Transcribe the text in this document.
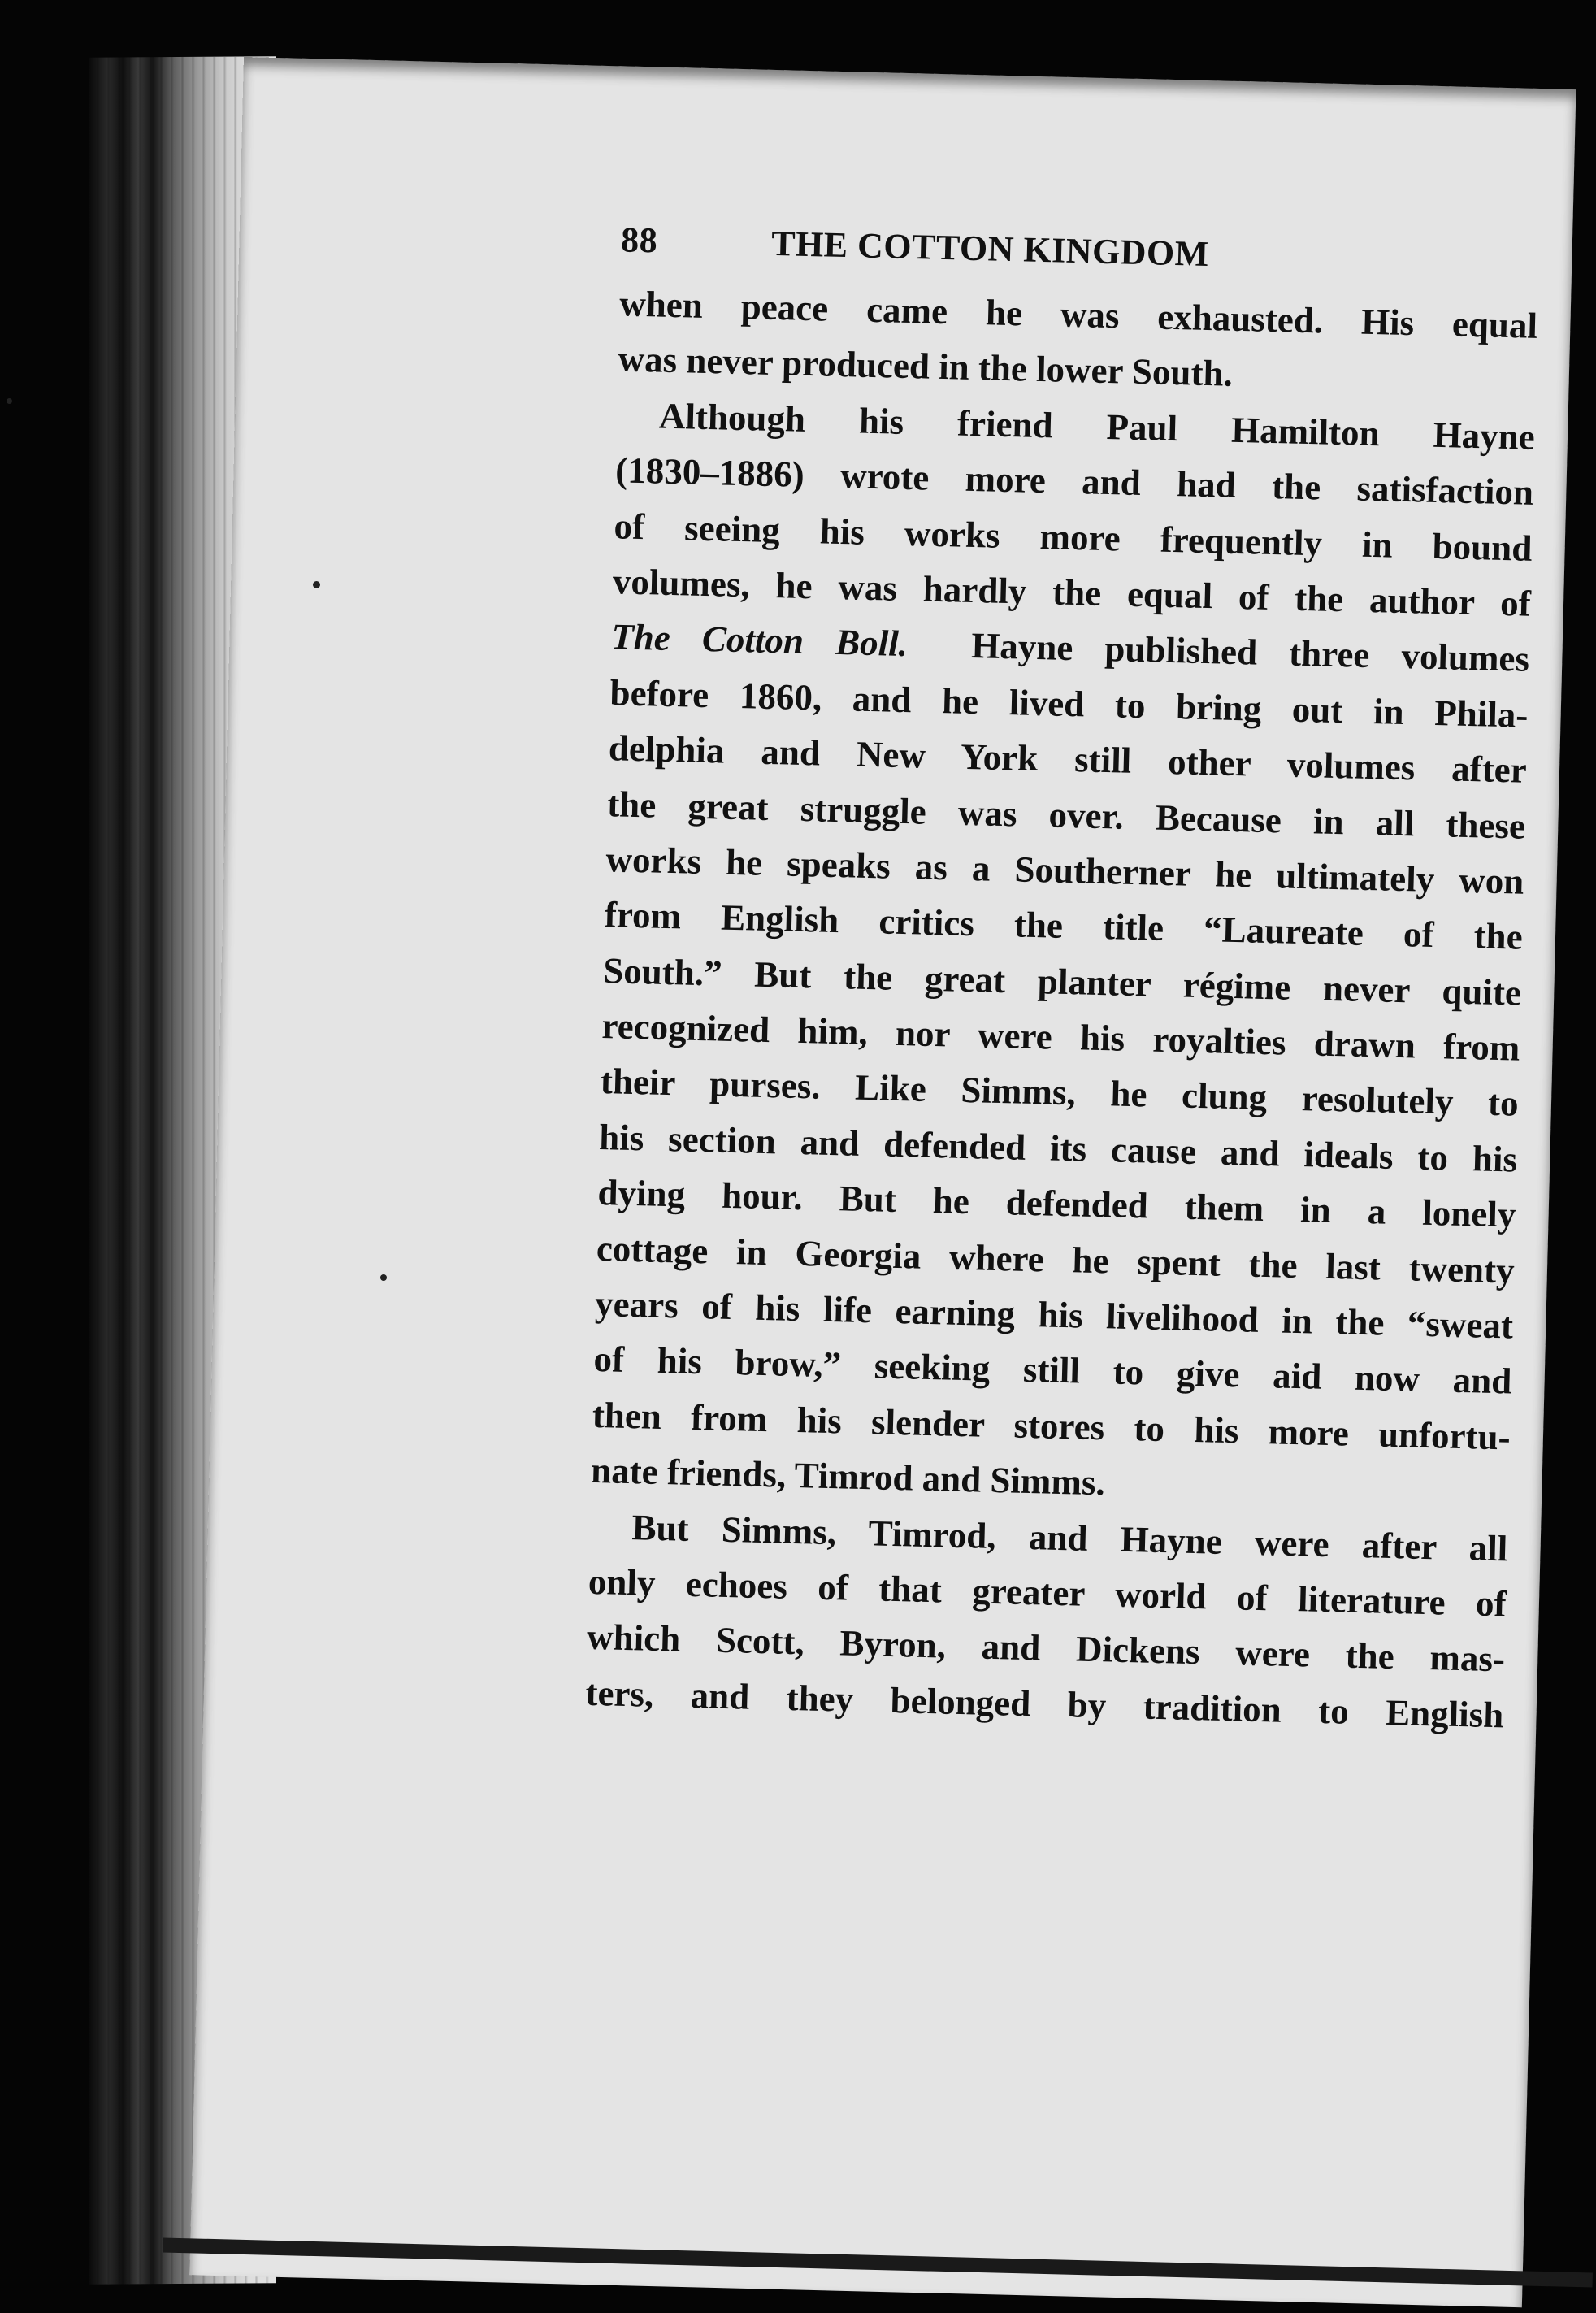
88	THE COTTON KINGDOM
when peace came he was exhausted. His equal
was never produced in the lower South.
Although his friend Paul Hamilton Hayne
(1830–1886) wrote more and had the satisfaction
of seeing his works more frequently in bound
volumes, he was hardly the equal of the author of
The Cotton Boll. Hayne published three volumes
before 1860, and he lived to bring out in Phila-
delphia and New York still other volumes after
the great struggle was over. Because in all these
works he speaks as a Southerner he ultimately won
from English critics the title “Laureate of the
South.” But the great planter régime never quite
recognized him, nor were his royalties drawn from
their purses. Like Simms, he clung resolutely to
his section and defended its cause and ideals to his
dying hour. But he defended them in a lonely
cottage in Georgia where he spent the last twenty
years of his life earning his livelihood in the “sweat
of his brow,” seeking still to give aid now and
then from his slender stores to his more unfortu-
nate friends, Timrod and Simms.
But Simms, Timrod, and Hayne were after all
only echoes of that greater world of literature of
which Scott, Byron, and Dickens were the mas-
ters, and they belonged by tradition to English
